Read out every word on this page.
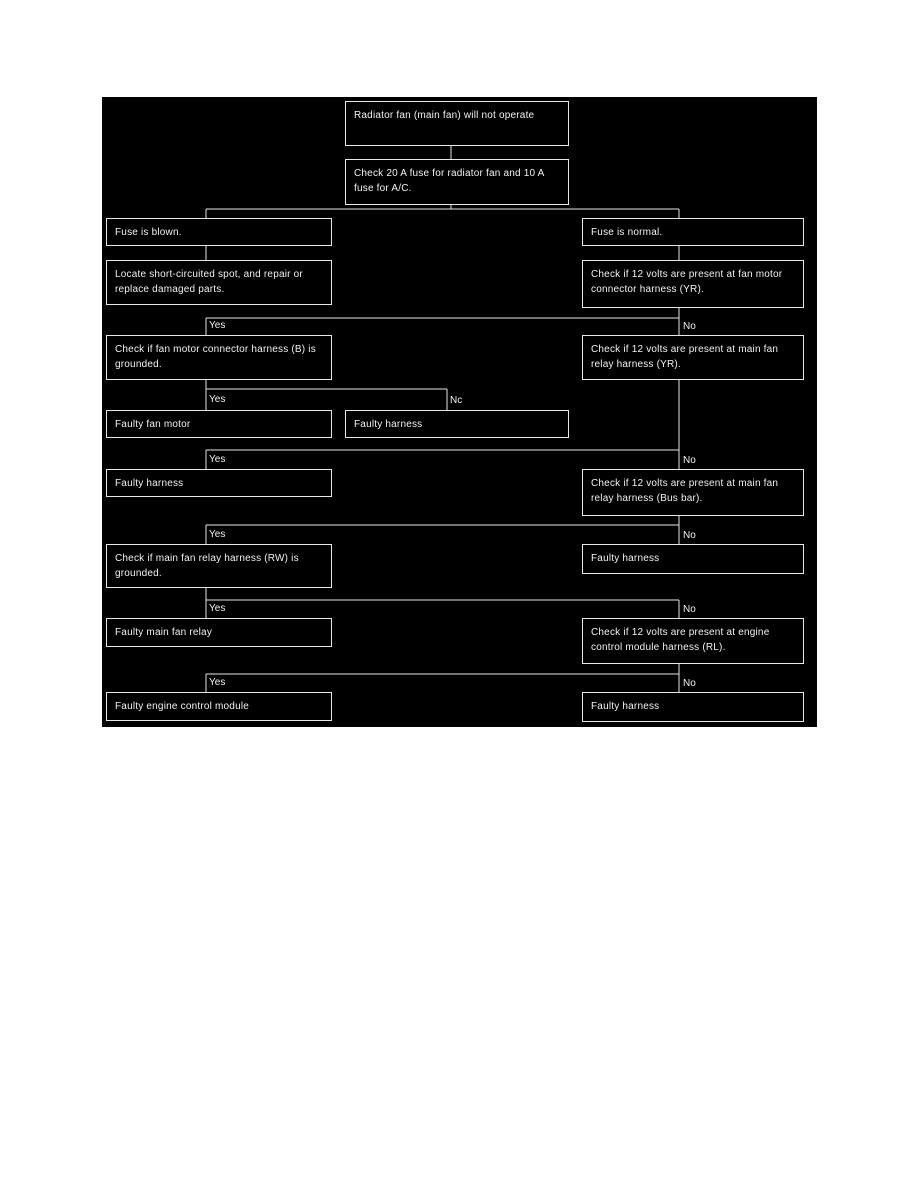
Radiator fan (main fan) will not operate
Check 20 A fuse for radiator fan and 10 A fuse for A/C.
Fuse is blown.	Fuse is normal.
Locate short-circuited spot, and repair or replace damaged parts.
Check if 12 volts are present at fan motor connector harness (YR).
Yes	No
Check if fan motor connector harness (B) is grounded.
Check if 12 volts are present at main fan relay harness (YR).
Yes	Nc
Faulty fan motor	Faulty harness
Yes	No
Faulty harness	Check if 12 volts are present at main fan relay harness (Bus bar).
Yes	No
Check if main fan relay harness (RW) is grounded.
Faulty harness
Yes	No
Faulty main fan relay	Check if 12 volts are present at engine control module harness (RL).
Yes	No
Faulty engine control module	Faulty harness
